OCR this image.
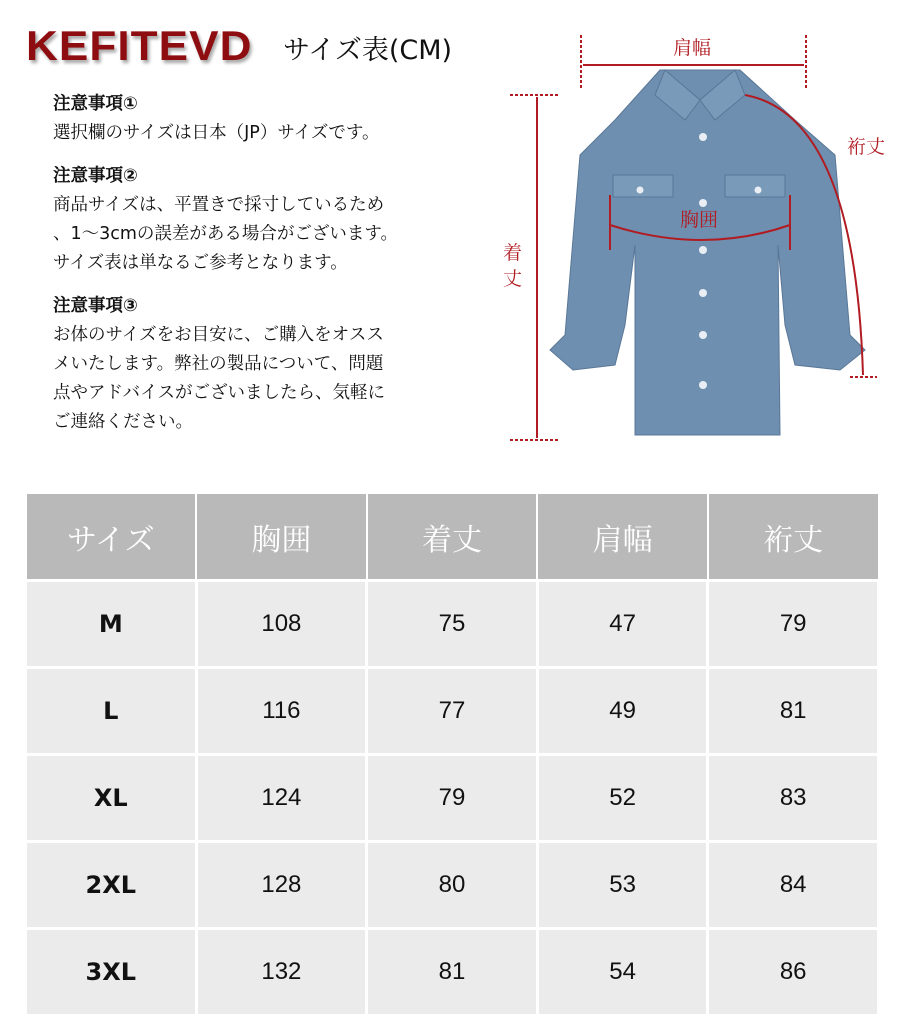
KEFITEVD サイズ表(CM)
注意事項①
選択欄のサイズは日本（JP）サイズです。
注意事項②
商品サイズは、平置きで採寸しているため
、1～3cmの誤差がある場合がございます。
サイズ表は単なるご参考となります。
注意事項③
お体のサイズをお目安に、ご購入をオスス
メいたします。弊社の製品について、問題
点やアドバイスがございましたら、気軽に
ご連絡ください。
肩幅
裄丈
胸囲
着丈
サイズ	胸囲	着丈	肩幅	裄丈
M	108	75	47	79
L	116	77	49	81
XL	124	79	52	83
2XL	128	80	53	84
3XL	132	81	54	86
